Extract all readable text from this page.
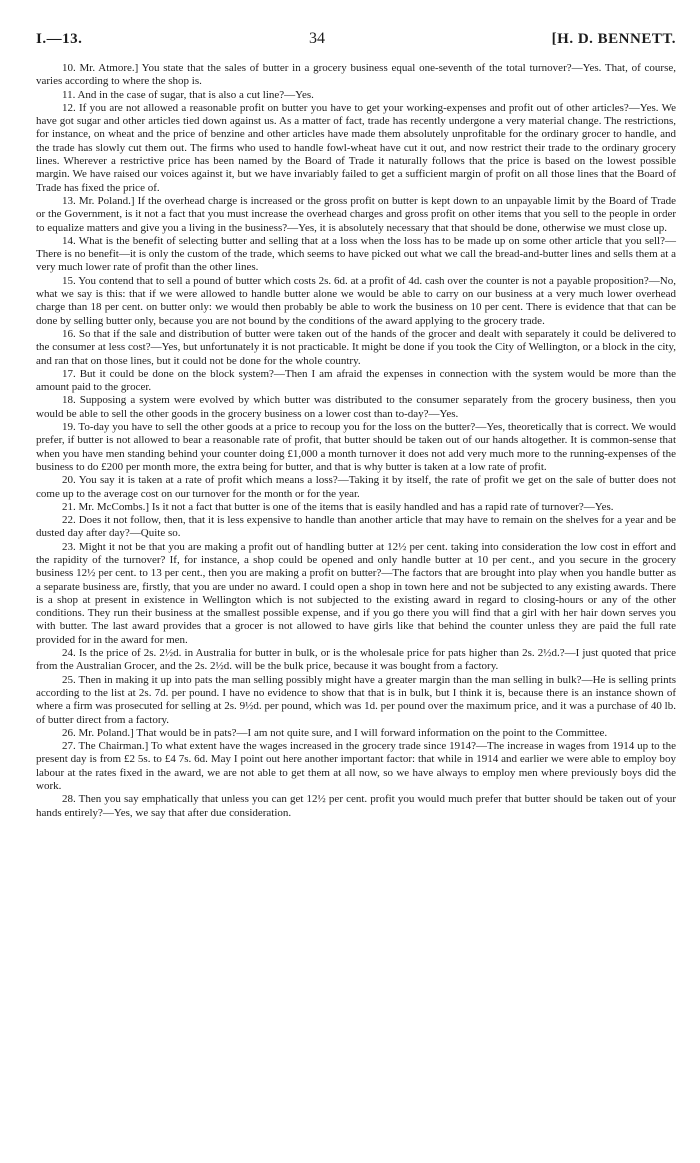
I.—13.	34	[H. D. BENNETT.

10. Mr. Atmore.] You state that the sales of butter in a grocery business equal one-seventh of the total turnover?—Yes. That, of course, varies according to where the shop is.

11. And in the case of sugar, that is also a cut line?—Yes.

12. If you are not allowed a reasonable profit on butter you have to get your working-expenses and profit out of other articles?—Yes. We have got sugar and other articles tied down against us. As a matter of fact, trade has recently undergone a very material change. The restrictions, for instance, on wheat and the price of benzine and other articles have made them absolutely unprofitable for the ordinary grocer to handle, and the trade has slowly cut them out. The firms who used to handle fowl-wheat have cut it out, and now restrict their trade to the ordinary grocery lines. Wherever a restrictive price has been named by the Board of Trade it naturally follows that the price is based on the lowest possible margin. We have raised our voices against it, but we have invariably failed to get a sufficient margin of profit on all those lines that the Board of Trade has fixed the price of.

13. Mr. Poland.] If the overhead charge is increased or the gross profit on butter is kept down to an unpayable limit by the Board of Trade or the Government, is it not a fact that you must increase the overhead charges and gross profit on other items that you sell to the people in order to equalize matters and give you a living in the business?—Yes, it is absolutely necessary that that should be done, otherwise we must close up.

14. What is the benefit of selecting butter and selling that at a loss when the loss has to be made up on some other article that you sell?—There is no benefit—it is only the custom of the trade, which seems to have picked out what we call the bread-and-butter lines and sells them at a very much lower rate of profit than the other lines.

15. You contend that to sell a pound of butter which costs 2s. 6d. at a profit of 4d. cash over the counter is not a payable proposition?—No, what we say is this: that if we were allowed to handle butter alone we would be able to carry on our business at a very much lower overhead charge than 18 per cent. on butter only: we would then probably be able to work the business on 10 per cent. There is evidence that that can be done by selling butter only, because you are not bound by the conditions of the award applying to the grocery trade.

16. So that if the sale and distribution of butter were taken out of the hands of the grocer and dealt with separately it could be delivered to the consumer at less cost?—Yes, but unfortunately it is not practicable. It might be done if you took the City of Wellington, or a block in the city, and ran that on those lines, but it could not be done for the whole country.

17. But it could be done on the block system?—Then I am afraid the expenses in connection with the system would be more than the amount paid to the grocer.

18. Supposing a system were evolved by which butter was distributed to the consumer separately from the grocery business, then you would be able to sell the other goods in the grocery business on a lower cost than to-day?—Yes.

19. To-day you have to sell the other goods at a price to recoup you for the loss on the butter?—Yes, theoretically that is correct. We would prefer, if butter is not allowed to bear a reasonable rate of profit, that butter should be taken out of our hands altogether. It is common-sense that when you have men standing behind your counter doing £1,000 a month turnover it does not add very much more to the running-expenses of the business to do £200 per month more, the extra being for butter, and that is why butter is taken at a low rate of profit.

20. You say it is taken at a rate of profit which means a loss?—Taking it by itself, the rate of profit we get on the sale of butter does not come up to the average cost on our turnover for the month or for the year.

21. Mr. McCombs.] Is it not a fact that butter is one of the items that is easily handled and has a rapid rate of turnover?—Yes.

22. Does it not follow, then, that it is less expensive to handle than another article that may have to remain on the shelves for a year and be dusted day after day?—Quite so.

23. Might it not be that you are making a profit out of handling butter at 12½ per cent. taking into consideration the low cost in effort and the rapidity of the turnover? If, for instance, a shop could be opened and only handle butter at 10 per cent., and you secure in the grocery business 12½ per cent. to 13 per cent., then you are making a profit on butter?—The factors that are brought into play when you handle butter as a separate business are, firstly, that you are under no award. I could open a shop in town here and not be subjected to any existing awards. There is a shop at present in existence in Wellington which is not subjected to the existing award in regard to closing-hours or any of the other conditions. They run their business at the smallest possible expense, and if you go there you will find that a girl with her hair down serves you with butter. The last award provides that a grocer is not allowed to have girls like that behind the counter unless they are paid the full rate provided for in the award for men.

24. Is the price of 2s. 2½d. in Australia for butter in bulk, or is the wholesale price for pats higher than 2s. 2½d.?—I just quoted that price from the Australian Grocer, and the 2s. 2½d. will be the bulk price, because it was bought from a factory.

25. Then in making it up into pats the man selling possibly might have a greater margin than the man selling in bulk?—He is selling prints according to the list at 2s. 7d. per pound. I have no evidence to show that that is in bulk, but I think it is, because there is an instance shown of where a firm was prosecuted for selling at 2s. 9½d. per pound, which was 1d. per pound over the maximum price, and it was a purchase of 40 lb. of butter direct from a factory.

26. Mr. Poland.] That would be in pats?—I am not quite sure, and I will forward information on the point to the Committee.

27. The Chairman.] To what extent have the wages increased in the grocery trade since 1914?—The increase in wages from 1914 up to the present day is from £2 5s. to £4 7s. 6d. May I point out here another important factor: that while in 1914 and earlier we were able to employ boy labour at the rates fixed in the award, we are not able to get them at all now, so we have always to employ men where previously boys did the work.

28. Then you say emphatically that unless you can get 12½ per cent. profit you would much prefer that butter should be taken out of your hands entirely?—Yes, we say that after due consideration.
